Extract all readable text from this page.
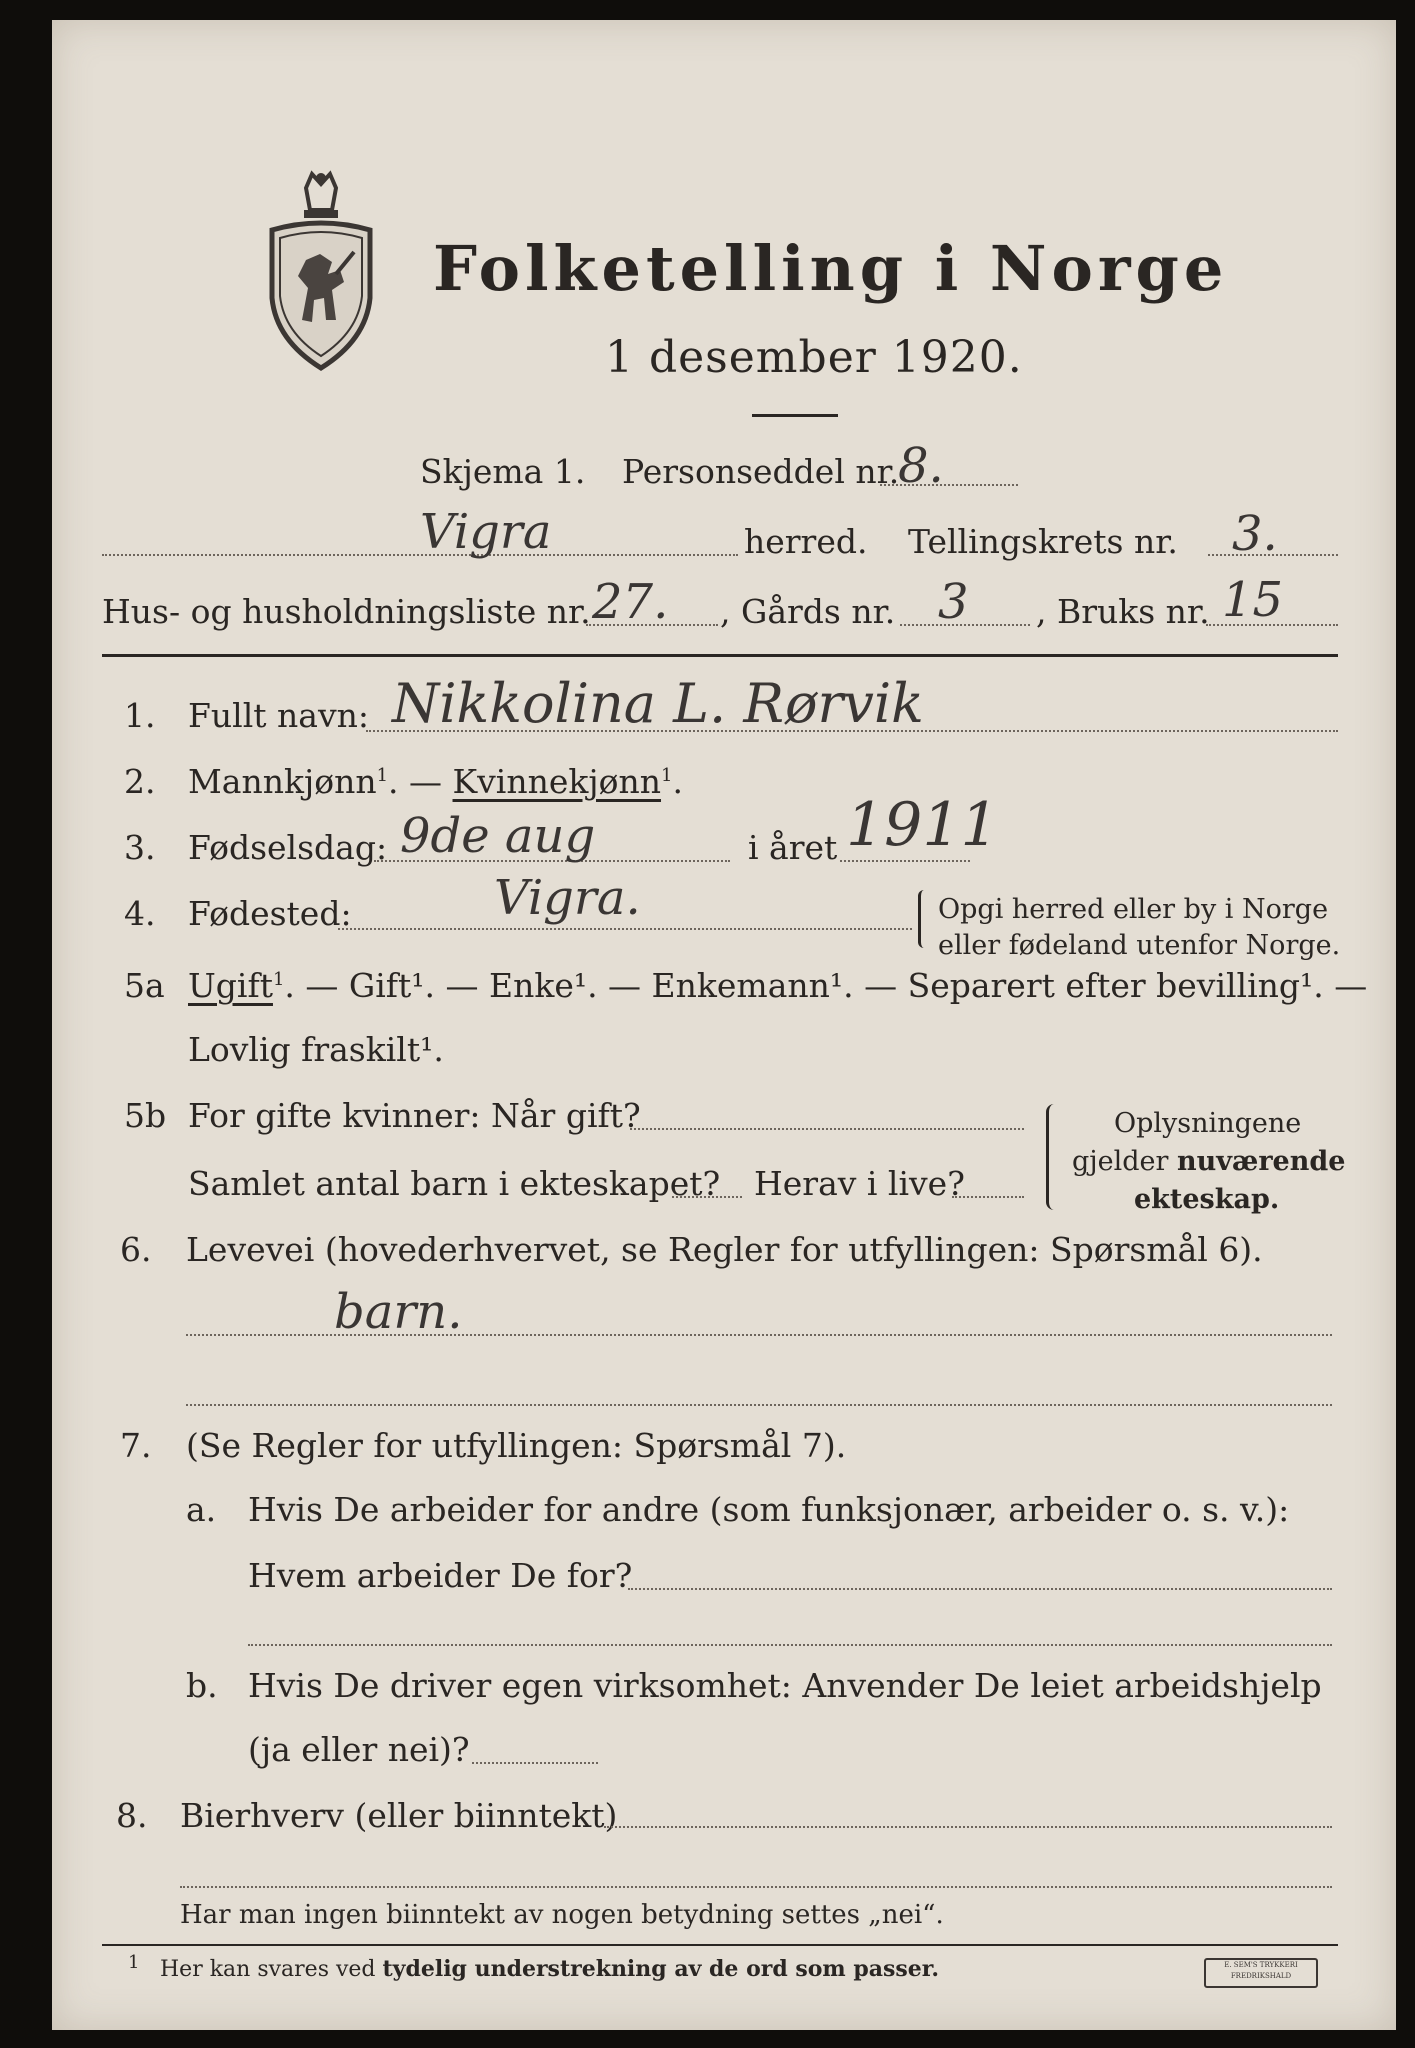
Folketelling i Norge
1 desember 1920.
Skjema 1. Personseddel nr.
8.
Vigra	herred. Tellingskrets nr. 3.
Hus- og husholdningsliste nr. 27. , Gårds nr. 3 , Bruks nr. 15
1. Fullt navn: Nikkolina L. Rørvik
2. Mannkjønn$^1$. — Kvinnekjønn$^1$.
3. Fødselsdag: 9de aug	i året 1911
4. Fødested:	Vigra.	Opgi herred eller by i Norge
eller fødeland utenfor Norge.
5a Ugift$^1$. — Gift¹. — Enke¹. — Enkemann¹. — Separert efter bevilling¹. —
Lovlig fraskilt¹.
5b For gifte kvinner: Når gift?
Samlet antal barn i ekteskapet? Herav i live?
Oplysningene
gjelder nuværende
ekteskap.
6. Levevei (hovederhvervet, se Regler for utfyllingen: Spørsmål 6).
barn.
7. (Se Regler for utfyllingen: Spørsmål 7).
a. Hvis De arbeider for andre (som funksjonær, arbeider o. s. v.):
Hvem arbeider De for?
b. Hvis De driver egen virksomhet: Anvender De leiet arbeidshjelp
(ja eller nei)?
8. Bierhverv (eller biinntekt)
Har man ingen biinntekt av nogen betydning settes „nei“.
1 Her kan svares ved tydelig understrekning av de ord som passer.	E. SEM'S TRYKKERI
FREDRIKSHALD
